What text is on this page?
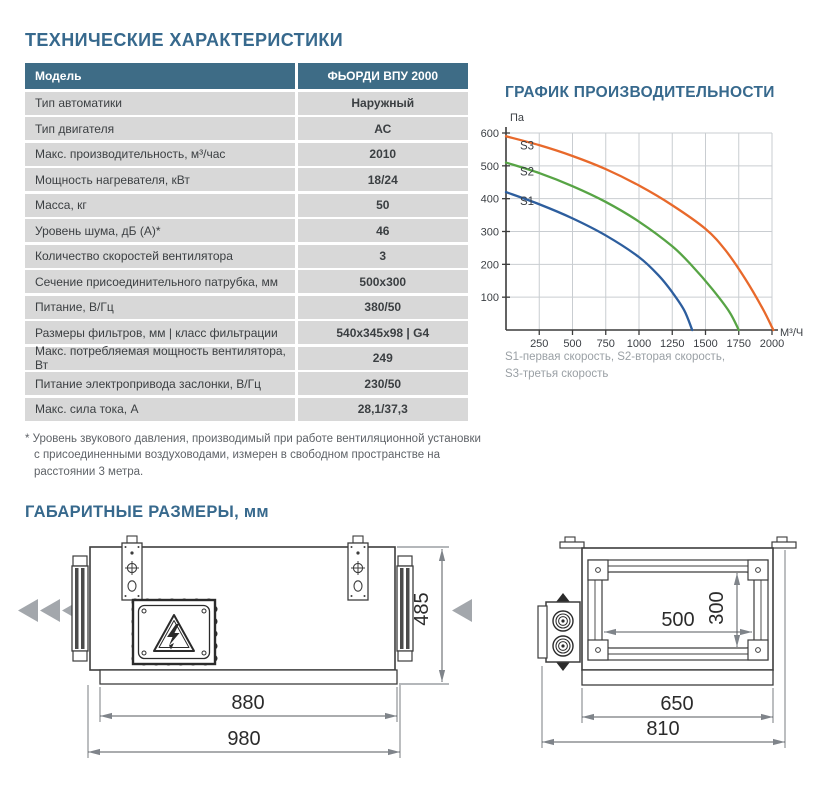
ТЕХНИЧЕСКИЕ ХАРАКТЕРИСТИКИ
Модель	ФЬОРДИ ВПУ 2000
Тип автоматики	Наружный
Тип двигателя	АС
Макс. производительность, м³/час	2010
Мощность нагревателя, кВт	18/24
Масса, кг	50
Уровень шума, дБ (А)*	46
Количество скоростей вентилятора	3
Сечение присоединительного патрубка, мм	500x300
Питание, В/Гц	380/50
Размеры фильтров, мм | класс фильтрации	540x345x98 | G4
Макс. потребляемая мощность вентилятора, Вт	249
Питание электропривода заслонки, В/Гц	230/50
Макс. сила тока, А	28,1/37,3
* Уровень звукового давления, производимый при работе вентиляционной установки с присоединенными воздуховодами, измерен в свободном пространстве на расстоянии 3 метра.
ГРАФИК ПРОИЗВОДИТЕЛЬНОСТИ
100
200
300
400
500
600
250 500 750 1000 1250 1500 1750 2000
Па
М³/Ч
S1
S2
S3
S1-первая скорость, S2-вторая скорость,
S3-третья скорость
ГАБАРИТНЫЕ РАЗМЕРЫ, мм
880
980
485	500 300
650
810
